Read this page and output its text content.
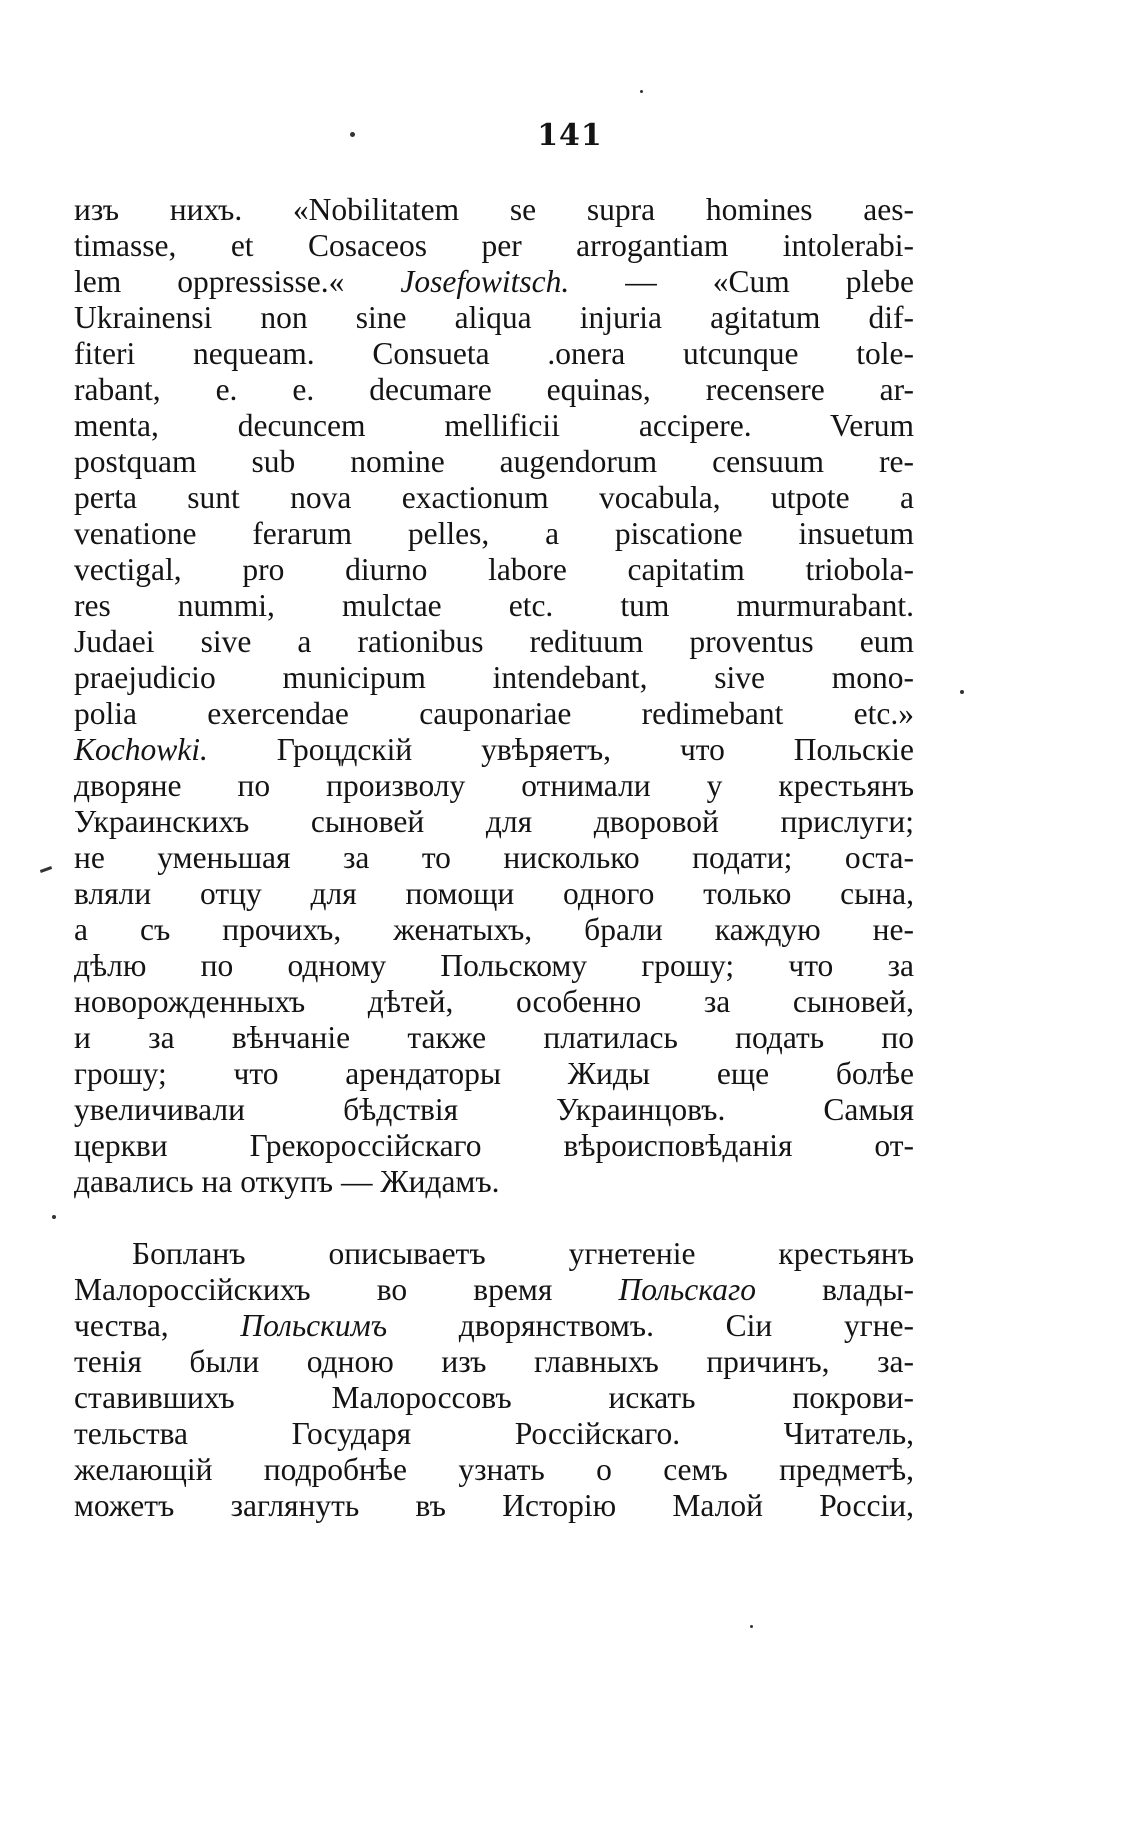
141
изъ нихъ. «Nobilitatem se supra homines aes-
timasse, et Cosaceos per arrogantiam intolerabi-
lem oppressisse.« Josefowitsch. — «Cum plebe
Ukrainensi non sine aliqua injuria agitatum dif-
fiteri nequeam. Consueta .onera utcunque tole-
rabant, e. e. decumare equinas, recensere ar-
menta, decuncem mellificii accipere. Verum
postquam sub nomine augendorum censuum re-
perta sunt nova exactionum vocabula, utpote a
venatione ferarum pelles, a piscatione insuetum
vectigal, pro diurno labore capitatim triobola-
res nummi, mulctae etc. tum murmurabant.
Judaei sive a rationibus redituum proventus eum
praejudicio municipum intendebant, sive mono-
polia exercendae cauponariae redimebant etc.»
Kochowki. Гроцдскій увѣряетъ, что Польскіе
дворяне по произволу отнимали у крестьянъ
Украинскихъ сыновей для дворовой прислуги;
не уменьшая за то нисколько подати; оста-
вляли отцу для помощи одного только сына,
а съ прочихъ, женатыхъ, брали каждую не-
дѣлю по одному Польскому грошу; что за
новорожденныхъ дѣтей, особенно за сыновей,
и за вѣнчаніе также платилась подать по
грошу; что арендаторы Жиды еще болѣе
увеличивали бѣдствія Украинцовъ. Самыя
церкви Грекороссійскаго вѣроисповѣданія от-
давались на откупъ — Жидамъ.
Бопланъ описываетъ угнетеніе крестьянъ
Малороссійскихъ во время Польскаго влады-
чества, Польскимъ дворянствомъ. Сіи угне-
тенія были одною изъ главныхъ причинъ, за-
ставившихъ Малороссовъ искать покрови-
тельства Государя Россійскаго. Читатель,
желающій подробнѣе узнать о семъ предметѣ,
можетъ заглянуть въ Исторію Малой Россіи,
